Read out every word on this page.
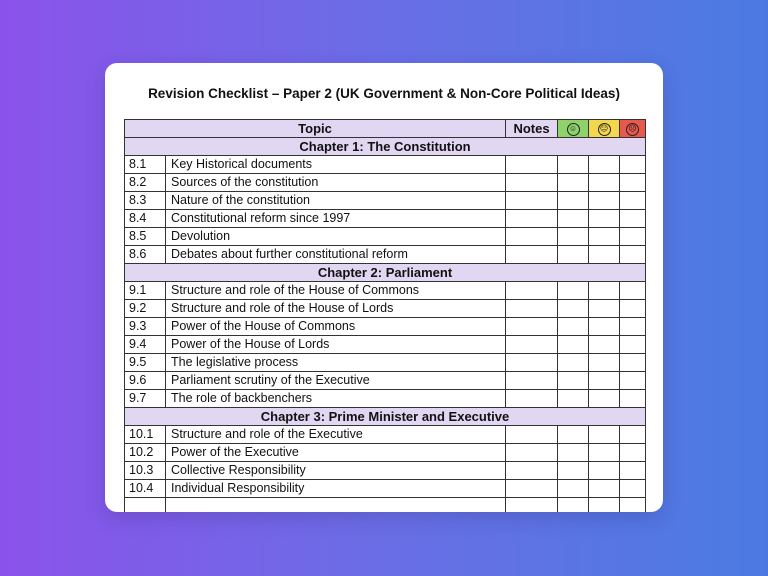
Revision Checklist – Paper 2 (UK Government & Non-Core Political Ideas)
Topic		Notes	☺	😐	☹
Chapter 1: The Constitution					
8.1	Key Historical documents				
8.2	Sources of the constitution				
8.3	Nature of the constitution				
8.4	Constitutional reform since 1997				
8.5	Devolution				
8.6	Debates about further constitutional reform				
Chapter 2: Parliament					
9.1	Structure and role of the House of Commons				
9.2	Structure and role of the House of Lords				
9.3	Power of the House of Commons				
9.4	Power of the House of Lords				
9.5	The legislative process				
9.6	Parliament scrutiny of the Executive				
9.7	The role of backbenchers				
Chapter 3: Prime Minister and Executive					
10.1	Structure and role of the Executive				
10.2	Power of the Executive				
10.3	Collective Responsibility				
10.4	Individual Responsibility				
